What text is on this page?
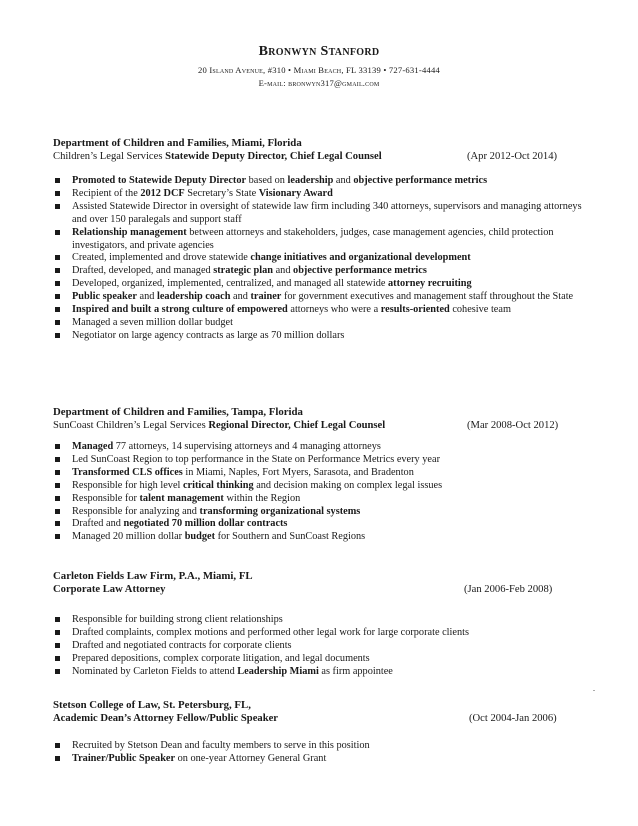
Bronwyn Stanford
20 Island Avenue, #310 • Miami Beach, FL 33139 • 727-631-4444
E-mail: bronwyn317@gmail.com
Department of Children and Families, Miami, Florida
Children’s Legal Services Statewide Deputy Director, Chief Legal Counsel	(Apr 2012-Oct 2014)
Promoted to Statewide Deputy Director based on leadership and objective performance metrics
Recipient of the 2012 DCF Secretary’s State Visionary Award
Assisted Statewide Director in oversight of statewide law firm including 340 attorneys, supervisors and managing attorneys and over 150 paralegals and support staff
Relationship management between attorneys and stakeholders, judges, case management agencies, child protection investigators, and private agencies
Created, implemented and drove statewide change initiatives and organizational development
Drafted, developed, and managed strategic plan and objective performance metrics
Developed, organized, implemented, centralized, and managed all statewide attorney recruiting
Public speaker and leadership coach and trainer for government executives and management staff throughout the State
Inspired and built a strong culture of empowered attorneys who were a results-oriented cohesive team
Managed a seven million dollar budget
Negotiator on large agency contracts as large as 70 million dollars
Department of Children and Families, Tampa, Florida
SunCoast Children’s Legal Services Regional Director, Chief Legal Counsel	(Mar 2008-Oct 2012)
Managed 77 attorneys, 14 supervising attorneys and 4 managing attorneys
Led SunCoast Region to top performance in the State on Performance Metrics every year
Transformed CLS offices in Miami, Naples, Fort Myers, Sarasota, and Bradenton
Responsible for high level critical thinking and decision making on complex legal issues
Responsible for talent management within the Region
Responsible for analyzing and transforming organizational systems
Drafted and negotiated 70 million dollar contracts
Managed 20 million dollar budget for Southern and SunCoast Regions
.
Carleton Fields Law Firm, P.A., Miami, FL
Corporate Law Attorney	(Jan 2006-Feb 2008)
Responsible for building strong client relationships
Drafted complaints, complex motions and performed other legal work for large corporate clients
Drafted and negotiated contracts for corporate clients
Prepared depositions, complex corporate litigation, and legal documents
Nominated by Carleton Fields to attend Leadership Miami as firm appointee
Stetson College of Law, St. Petersburg, FL,
Academic Dean’s Attorney Fellow/Public Speaker	(Oct 2004-Jan 2006)
Recruited by Stetson Dean and faculty members to serve in this position
Trainer/Public Speaker on one-year Attorney General Grant
